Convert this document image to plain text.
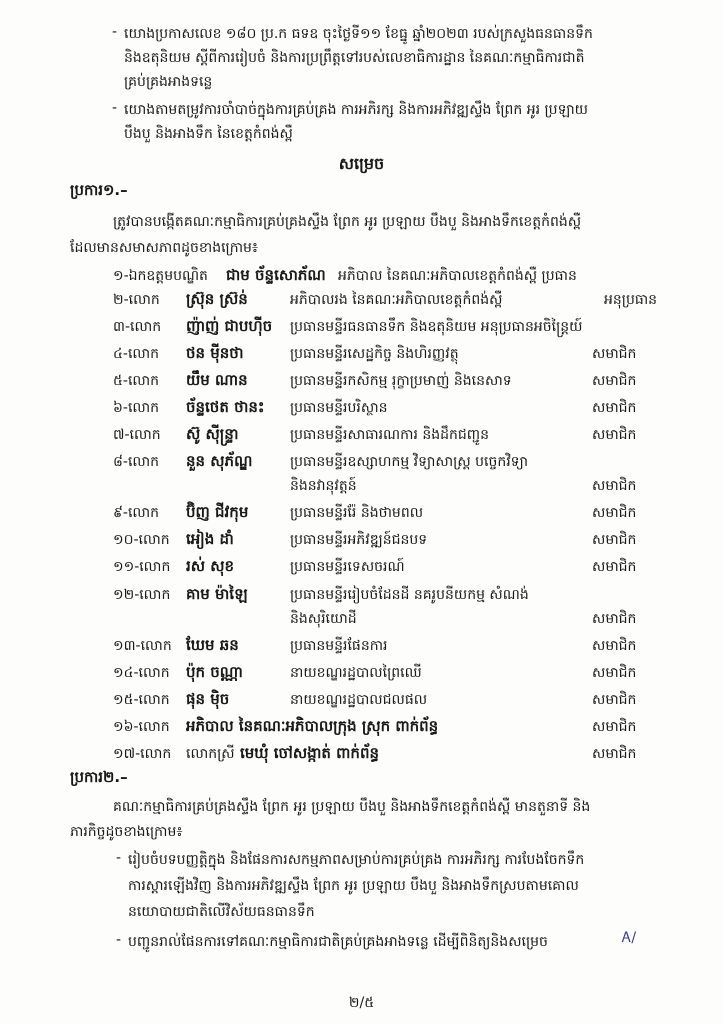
- យោងប្រកាសលេខ ១៨០ ប្រ.ក ធទឧ ចុះថ្ងៃទី១១ ខែធ្នូ ឆ្នាំ២០២៣ របស់ក្រសួងធនធានទឹក
និងឧតុនិយម ស្ដីពីការរៀបចំ និងការប្រព្រឹត្តទៅរបស់លេខាធិការដ្ឋាន នៃគណៈកម្មាធិការជាតិ
គ្រប់គ្រងអាងទន្លេ
- យោងតាមតម្រូវការចាំបាច់ក្នុងការគ្រប់គ្រង ការអភិរក្ស និងការអភិវឌ្ឍស្ទឹង ព្រែក អូរ ប្រឡាយ
បឹងបួ និងអាងទឹក នៃខេត្តកំពង់ស្ពឺ
សម្រេច
ប្រការ១.–
ត្រូវបានបង្កើតគណៈកម្មាធិការគ្រប់គ្រងស្ទឹង ព្រែក អូរ ប្រឡាយ បឹងបួ និងអាងទឹកខេត្តកំពង់ស្ពឺ
ដែលមានសមាសភាពដូចខាងក្រោម៖
១-ឯកឧត្តមបណ្ឌិត ជាម ច័ន្ទសោភ័ណ អភិបាល នៃគណៈអភិបាលខេត្តកំពង់ស្ពឺ ប្រធាន
២-លោក ស្រ៊ុន ស្រ៊ន់	អភិបាលរង នៃគណៈអភិបាលខេត្តកំពង់ស្ពឺ	អនុប្រធាន
៣-លោក ញ៉ាញ់ ជាបហ៊ីច ប្រធានមន្ទីរធនធានទឹក និងឧតុនិយម អនុប្រធានអចិន្ត្រៃយ៍
៤-លោក ថន ម៉ីនថា	ប្រធានមន្ទីរសេដ្ឋកិច្ច និងហិរញ្ញវត្ថុ	សមាជិក
៥-លោក យឹម ណាន	ប្រធានមន្ទីរកសិកម្ម រុក្ខាប្រមាញ់ និងនេសាទ	សមាជិក
៦-លោក ច័ន្ទថេត ថានះ ប្រធានមន្ទីរបរិស្ថាន	សមាជិក
៧-លោក ស៊ូ ស៊ីន្ទ្រា	ប្រធានមន្ទីរសាធារណការ និងដឹកជញ្ជូន	សមាជិក
៨-លោក នួន សុភ័ណ្ឌ	ប្រធានមន្ទីរឧស្សាហកម្ម វិទ្យាសាស្ត្រ បច្ចេកវិទ្យា
និងនវានុវត្តន៍	សមាជិក
៩-លោក ប៊ិញ ជីវកុម	ប្រធានមន្ទីររ៉ែ និងថាមពល	សមាជិក
១០-លោក អៀង ដាំ	ប្រធានមន្ទីរអភិវឌ្ឍន៍ជនបទ	សមាជិក
១១-លោក រស់ សុខ	ប្រធានមន្ទីរទេសចរណ៍	សមាជិក
១២-លោក គាម ម៉ាឡៃ	ប្រធានមន្ទីររៀបចំដែនដី នគរូបនីយកម្ម សំណង់
និងសុរិយោដី	សមាជិក
១៣-លោក ឃែម ឆន	ប្រធានមន្ទីរផែនការ	សមាជិក
១៤-លោក ប៉ុក ចណ្ណា	នាយខណ្ឌរដ្ឋបាលព្រៃឈើ	សមាជិក
១៥-លោក ផុន ម៉ិច	នាយខណ្ឌរដ្ឋបាលជលផល	សមាជិក
១៦-លោក អភិបាល នៃគណៈអភិបាលក្រុង ស្រុក ពាក់ព័ន្ធ	សមាជិក
១៧-លោក លោកស្រី មេឃុំ ចៅសង្កាត់ ពាក់ព័ន្ធ	សមាជិក
ប្រការ២.–
គណៈកម្មាធិការគ្រប់គ្រងស្ទឹង ព្រែក អូរ ប្រឡាយ បឹងបួ និងអាងទឹកខេត្តកំពង់ស្ពឺ មានតួនាទី និង
ភារកិច្ចដូចខាងក្រោម៖
- រៀបចំបទបញ្ញត្តិក្នុង និងផែនការសកម្មភាពសម្រាប់ការគ្រប់គ្រង ការអភិរក្ស ការបែងចែកទឹក
ការស្ដារឡើងវិញ និងការអភិវឌ្ឍស្ទឹង ព្រែក អូរ ប្រឡាយ បឹងបួ និងអាងទឹកស្របតាមគោល
នយោបាយជាតិលើវិស័យធនធានទឹក
- បញ្ជូនរាល់ផែនការទៅគណៈកម្មាធិការជាតិគ្រប់គ្រងអាងទន្លេ ដើម្បីពិនិត្យនិងសម្រេច	Ꭺ/
២/៥
